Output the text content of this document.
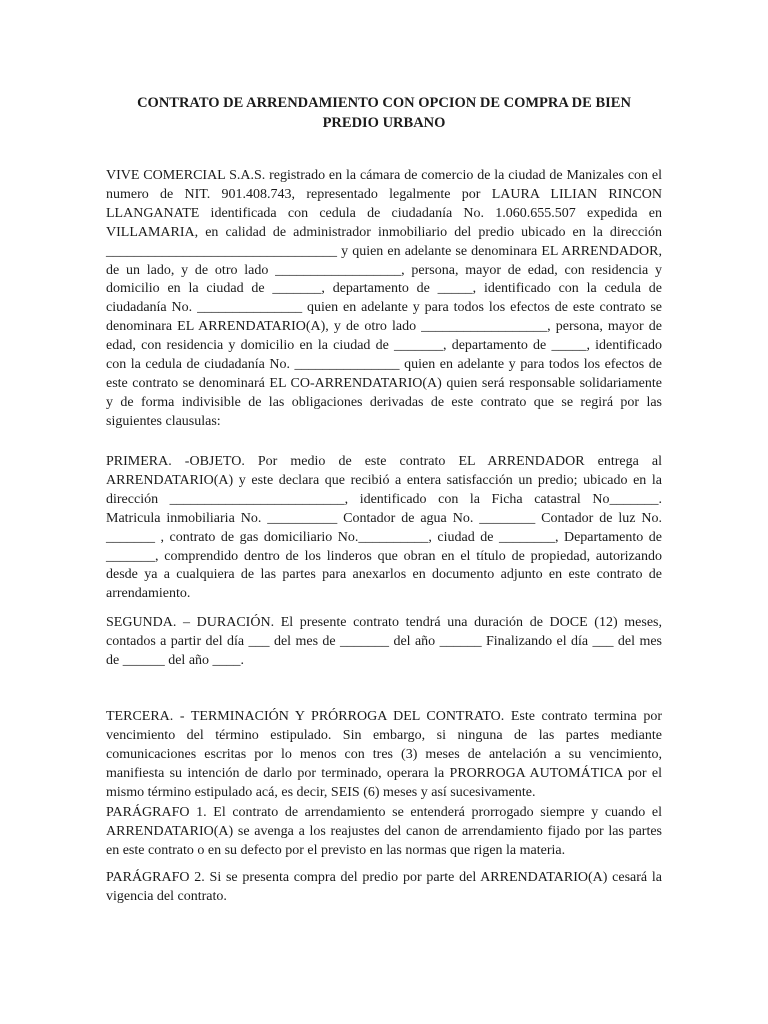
CONTRATO DE ARRENDAMIENTO CON OPCION DE COMPRA DE BIEN
PREDIO URBANO

VIVE COMERCIAL S.A.S. registrado en la cámara de comercio de la ciudad de Manizales con el numero de NIT. 901.408.743, representado legalmente por LAURA LILIAN RINCON LLANGANATE identificada con cedula de ciudadanía No. 1.060.655.507 expedida en VILLAMARIA, en calidad de administrador inmobiliario del predio ubicado en la dirección _________________________________ y quien en adelante se denominara EL ARRENDADOR, de un lado, y de otro lado __________________, persona, mayor de edad, con residencia y domicilio en la ciudad de _______, departamento de _____, identificado con la cedula de ciudadanía No. _______________ quien en adelante y para todos los efectos de este contrato se denominara EL ARRENDATARIO(A), y de otro lado __________________, persona, mayor de edad, con residencia y domicilio en la ciudad de _______, departamento de _____, identificado con la cedula de ciudadanía No. _______________ quien en adelante y para todos los efectos de este contrato se denominará EL CO-ARRENDATARIO(A) quien será responsable solidariamente y de forma indivisible de las obligaciones derivadas de este contrato que se regirá por las siguientes clausulas:

PRIMERA. -OBJETO. Por medio de este contrato EL ARRENDADOR entrega al ARRENDATARIO(A) y este declara que recibió a entera satisfacción un predio; ubicado en la dirección _________________________, identificado con la Ficha catastral No_______. Matricula inmobiliaria No. __________ Contador de agua No. ________ Contador de luz No. _______ , contrato de gas domiciliario No.__________, ciudad de ________, Departamento de _______, comprendido dentro de los linderos que obran en el título de propiedad, autorizando desde ya a cualquiera de las partes para anexarlos en documento adjunto en este contrato de arrendamiento.

SEGUNDA. – DURACIÓN. El presente contrato tendrá una duración de DOCE (12) meses, contados a partir del día ___ del mes de _______ del año ______ Finalizando el día ___ del mes de ______ del año ____.

TERCERA. - TERMINACIÓN Y PRÓRROGA DEL CONTRATO. Este contrato termina por vencimiento del término estipulado. Sin embargo, si ninguna de las partes mediante comunicaciones escritas por lo menos con tres (3) meses de antelación a su vencimiento, manifiesta su intención de darlo por terminado, operara la PRORROGA AUTOMÁTICA por el mismo término estipulado acá, es decir, SEIS (6) meses y así sucesivamente.

PARÁGRAFO 1. El contrato de arrendamiento se entenderá prorrogado siempre y cuando el ARRENDATARIO(A) se avenga a los reajustes del canon de arrendamiento fijado por las partes en este contrato o en su defecto por el previsto en las normas que rigen la materia.

PARÁGRAFO 2. Si se presenta compra del predio por parte del ARRENDATARIO(A) cesará la vigencia del contrato.
